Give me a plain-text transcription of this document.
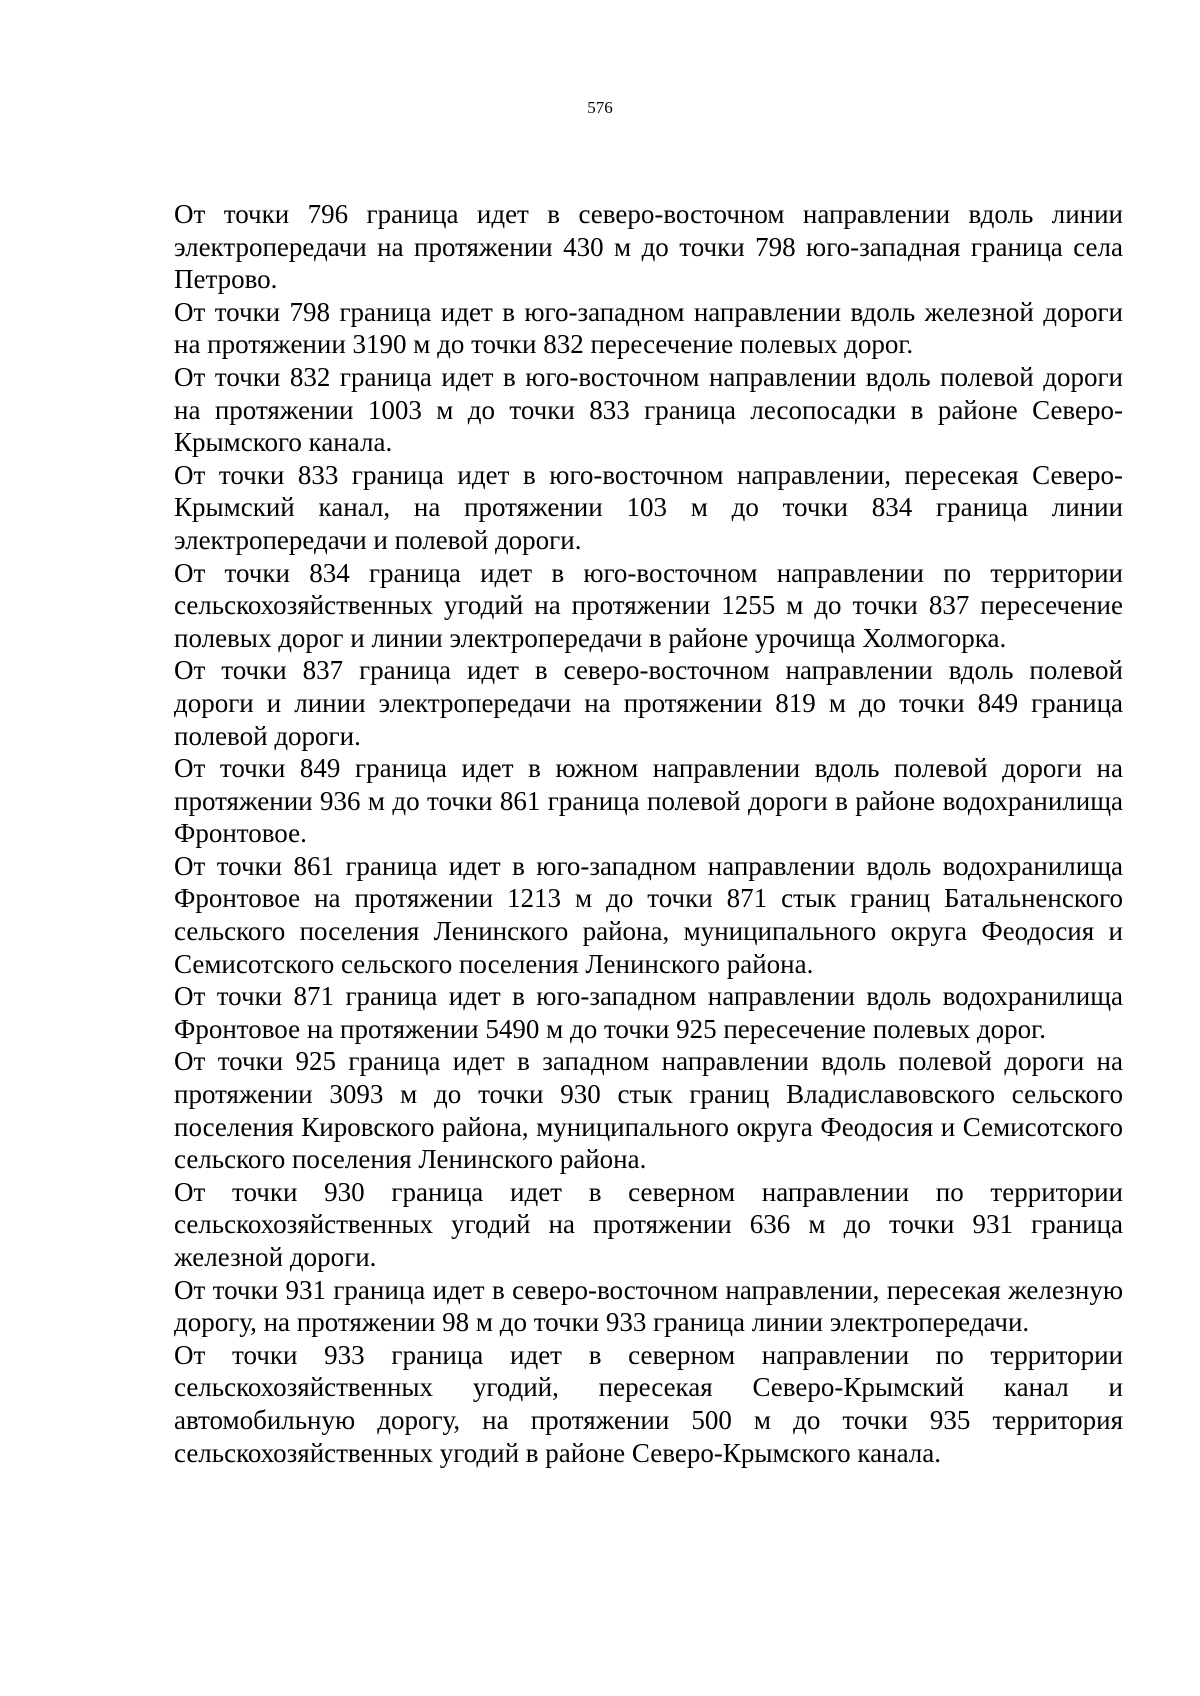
576

От точки 796 граница идет в северо-восточном направлении вдоль линии электропередачи на протяжении 430 м до точки 798 юго-западная граница села Петрово.

От точки 798 граница идет в юго-западном направлении вдоль железной дороги на протяжении 3190 м до точки 832 пересечение полевых дорог.

От точки 832 граница идет в юго-восточном направлении вдоль полевой дороги на протяжении 1003 м до точки 833 граница лесопосадки в районе Северо-Крымского канала.

От точки 833 граница идет в юго-восточном направлении, пересекая Северо-Крымский канал, на протяжении 103 м до точки 834 граница линии электропередачи и полевой дороги.

От точки 834 граница идет в юго-восточном направлении по территории сельскохозяйственных угодий на протяжении 1255 м до точки 837 пересечение полевых дорог и линии электропередачи в районе урочища Холмогорка.

От точки 837 граница идет в северо-восточном направлении вдоль полевой дороги и линии электропередачи на протяжении 819 м до точки 849 граница полевой дороги.

От точки 849 граница идет в южном направлении вдоль полевой дороги на протяжении 936 м до точки 861 граница полевой дороги в районе водохранилища Фронтовое.

От точки 861 граница идет в юго-западном направлении вдоль водохранилища Фронтовое на протяжении 1213 м до точки 871 стык границ Батальненского сельского поселения Ленинского района, муниципального округа Феодосия и Семисотского сельского поселения Ленинского района.

От точки 871 граница идет в юго-западном направлении вдоль водохранилища Фронтовое на протяжении 5490 м до точки 925 пересечение полевых дорог.

От точки 925 граница идет в западном направлении вдоль полевой дороги на протяжении 3093 м до точки 930 стык границ Владиславовского сельского поселения Кировского района, муниципального округа Феодосия и Семисотского сельского поселения Ленинского района.

От точки 930 граница идет в северном направлении по территории сельскохозяйственных угодий на протяжении 636 м до точки 931 граница железной дороги.

От точки 931 граница идет в северо-восточном направлении, пересекая железную дорогу, на протяжении 98 м до точки 933 граница линии электропередачи.

От точки 933 граница идет в северном направлении по территории сельскохозяйственных угодий, пересекая Северо-Крымский канал и автомобильную дорогу, на протяжении 500 м до точки 935 территория сельскохозяйственных угодий в районе Северо-Крымского канала.
